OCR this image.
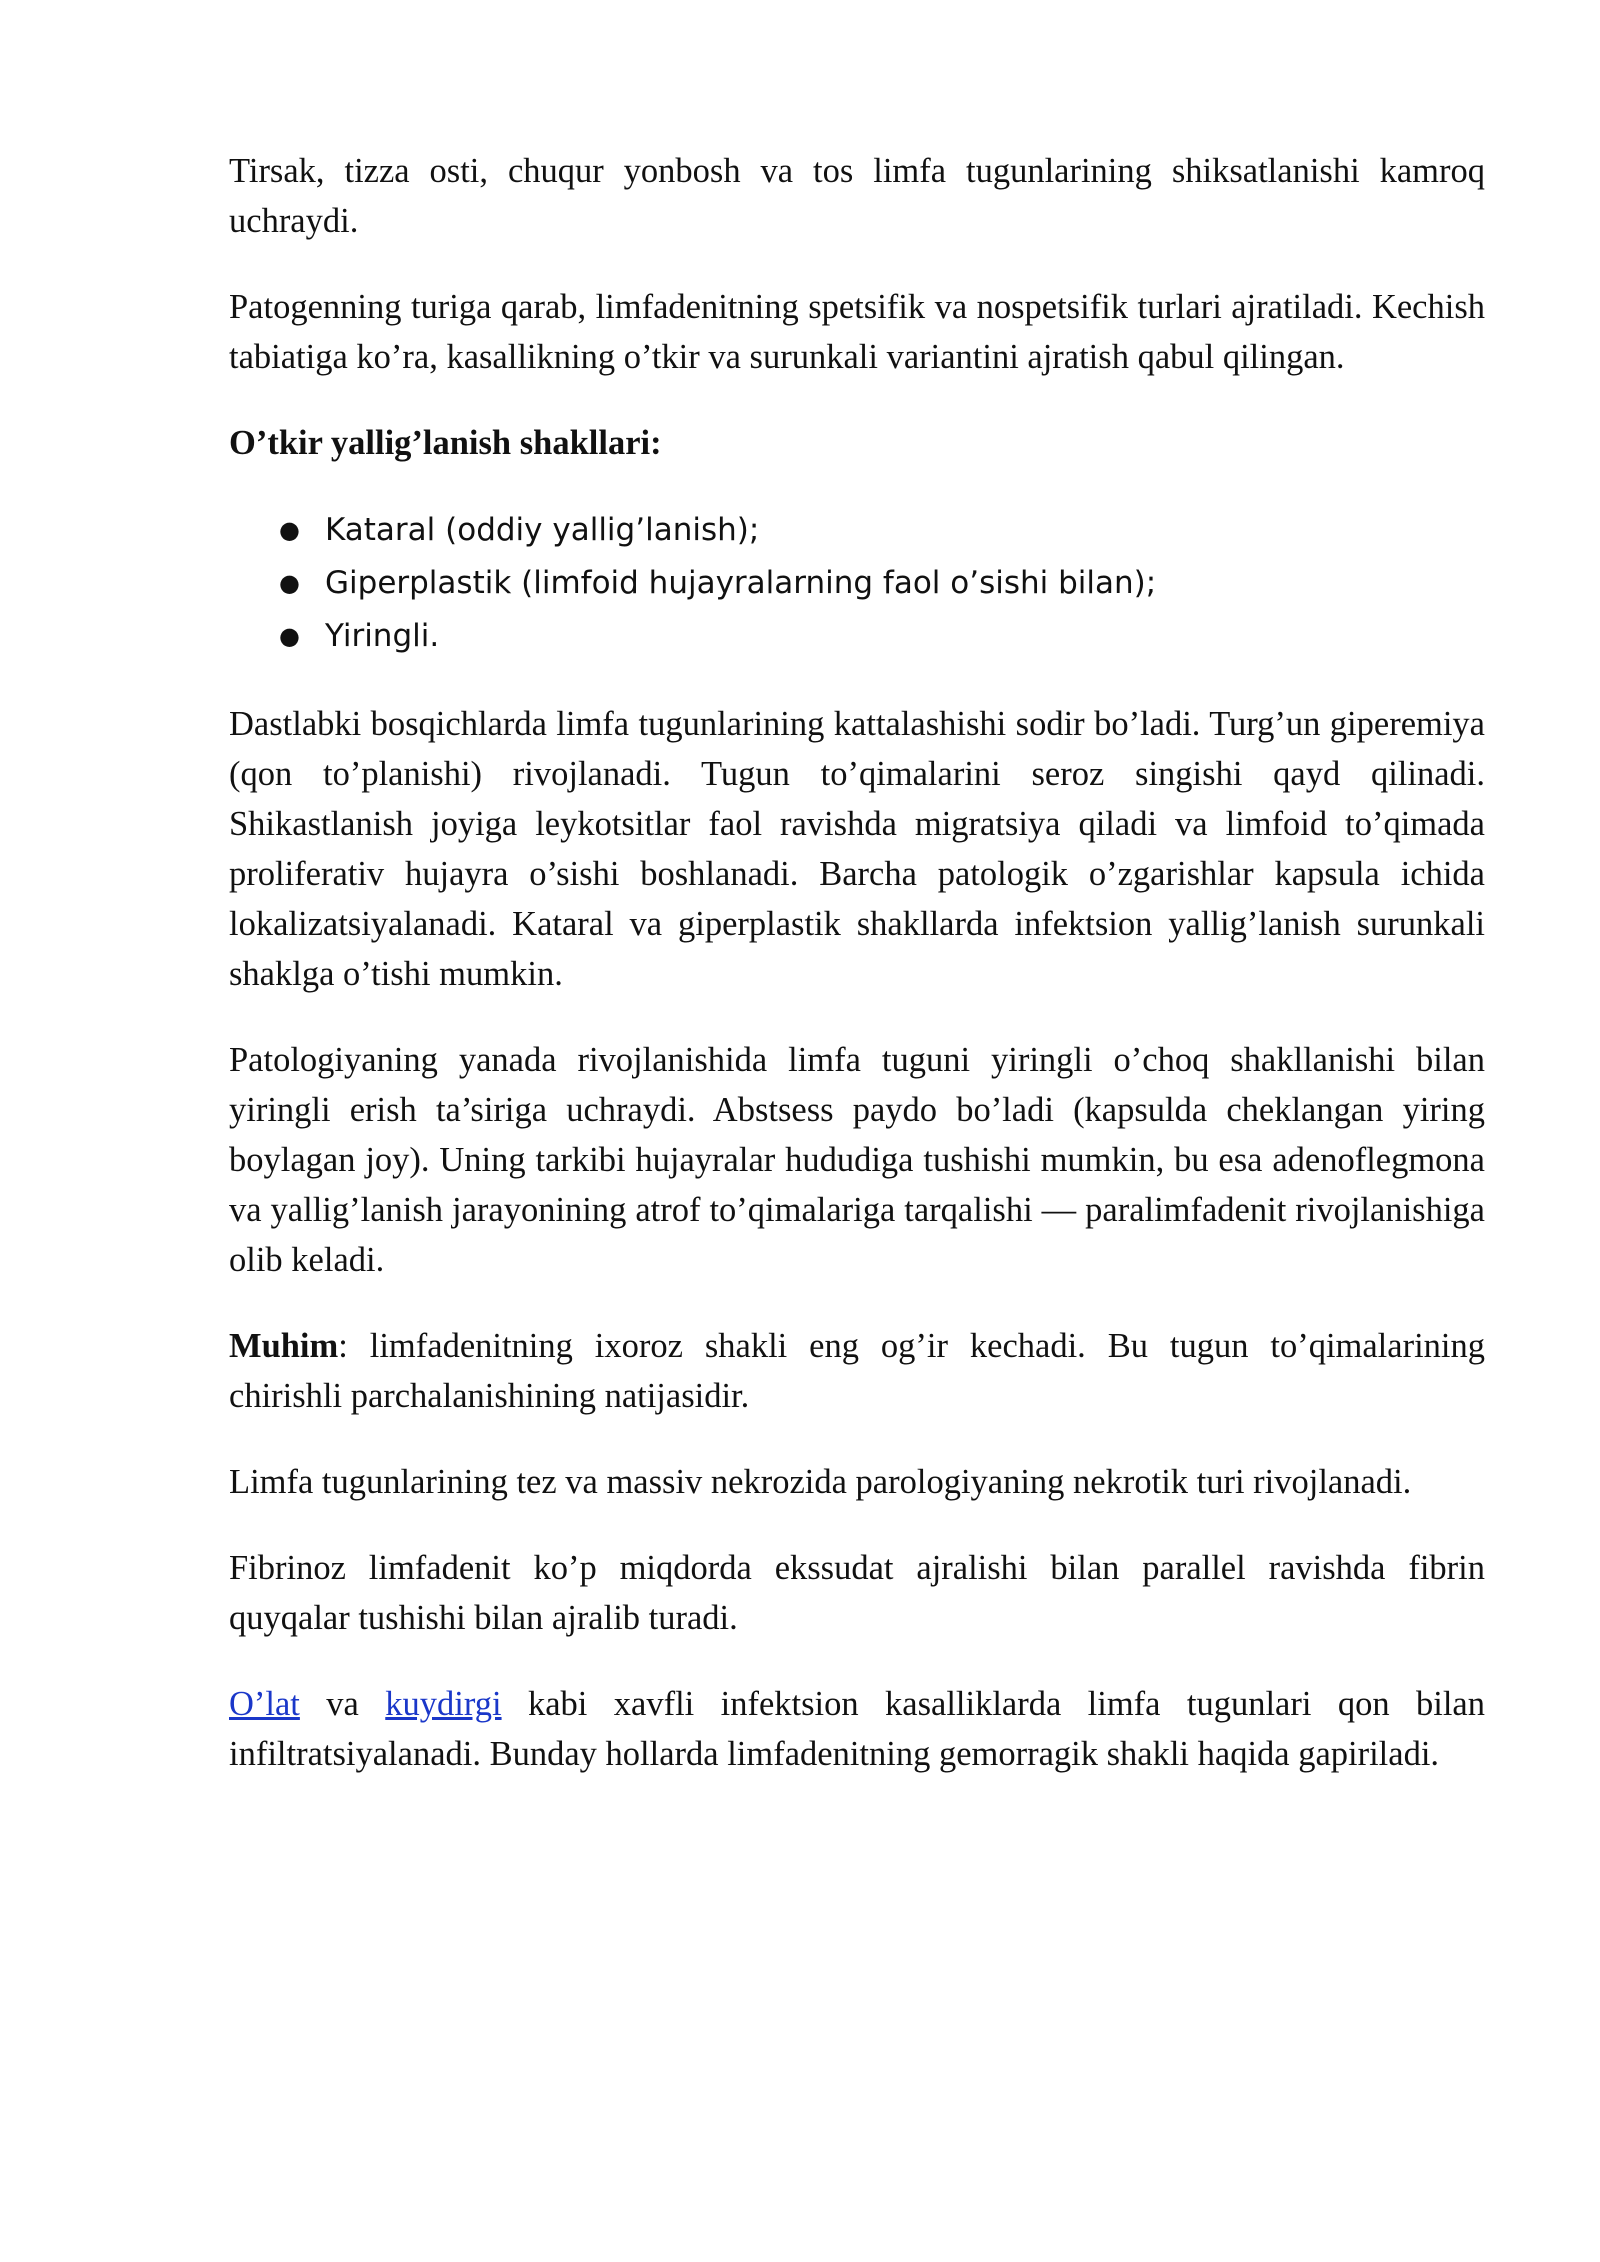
Tirsak, tizza osti, chuqur yonbosh va tos limfa tugunlarining shiksatlanishi kamroq uchraydi.

Patogenning turiga qarab, limfadenitning spetsifik va nospetsifik turlari ajratiladi. Kechish tabiatiga ko’ra, kasallikning o’tkir va surunkali variantini ajratish qabul qilingan.

O’tkir yallig’lanish shakllari:

● Kataral (oddiy yallig’lanish);
● Giperplastik (limfoid hujayralarning faol o’sishi bilan);
● Yiringli.

Dastlabki bosqichlarda limfa tugunlarining kattalashishi sodir bo’ladi. Turg’un giperemiya (qon to’planishi) rivojlanadi. Tugun to’qimalarini seroz singishi qayd qilinadi. Shikastlanish joyiga leykotsitlar faol ravishda migratsiya qiladi va limfoid to’qimada proliferativ hujayra o’sishi boshlanadi. Barcha patologik o’zgarishlar kapsula ichida lokalizatsiyalanadi. Kataral va giperplastik shakllarda infektsion yallig’lanish surunkali shaklga o’tishi mumkin.

Patologiyaning yanada rivojlanishida limfa tuguni yiringli o’choq shakllanishi bilan yiringli erish ta’siriga uchraydi. Abstsess paydo bo’ladi (kapsulda cheklangan yiring boylagan joy). Uning tarkibi hujayralar hududiga tushishi mumkin, bu esa adenoflegmona va yallig’lanish jarayonining atrof to’qimalariga tarqalishi — paralimfadenit rivojlanishiga olib keladi.

Muhim: limfadenitning ixoroz shakli eng og’ir kechadi. Bu tugun to’qimalarining chirishli parchalanishining natijasidir.

Limfa tugunlarining tez va massiv nekrozida parologiyaning nekrotik turi rivojlanadi.

Fibrinoz limfadenit ko’p miqdorda ekssudat ajralishi bilan parallel ravishda fibrin quyqalar tushishi bilan ajralib turadi.

O’lat va kuydirgi kabi xavfli infektsion kasalliklarda limfa tugunlari qon bilan infiltratsiyalanadi. Bunday hollarda limfadenitning gemorragik shakli haqida gapiriladi.
